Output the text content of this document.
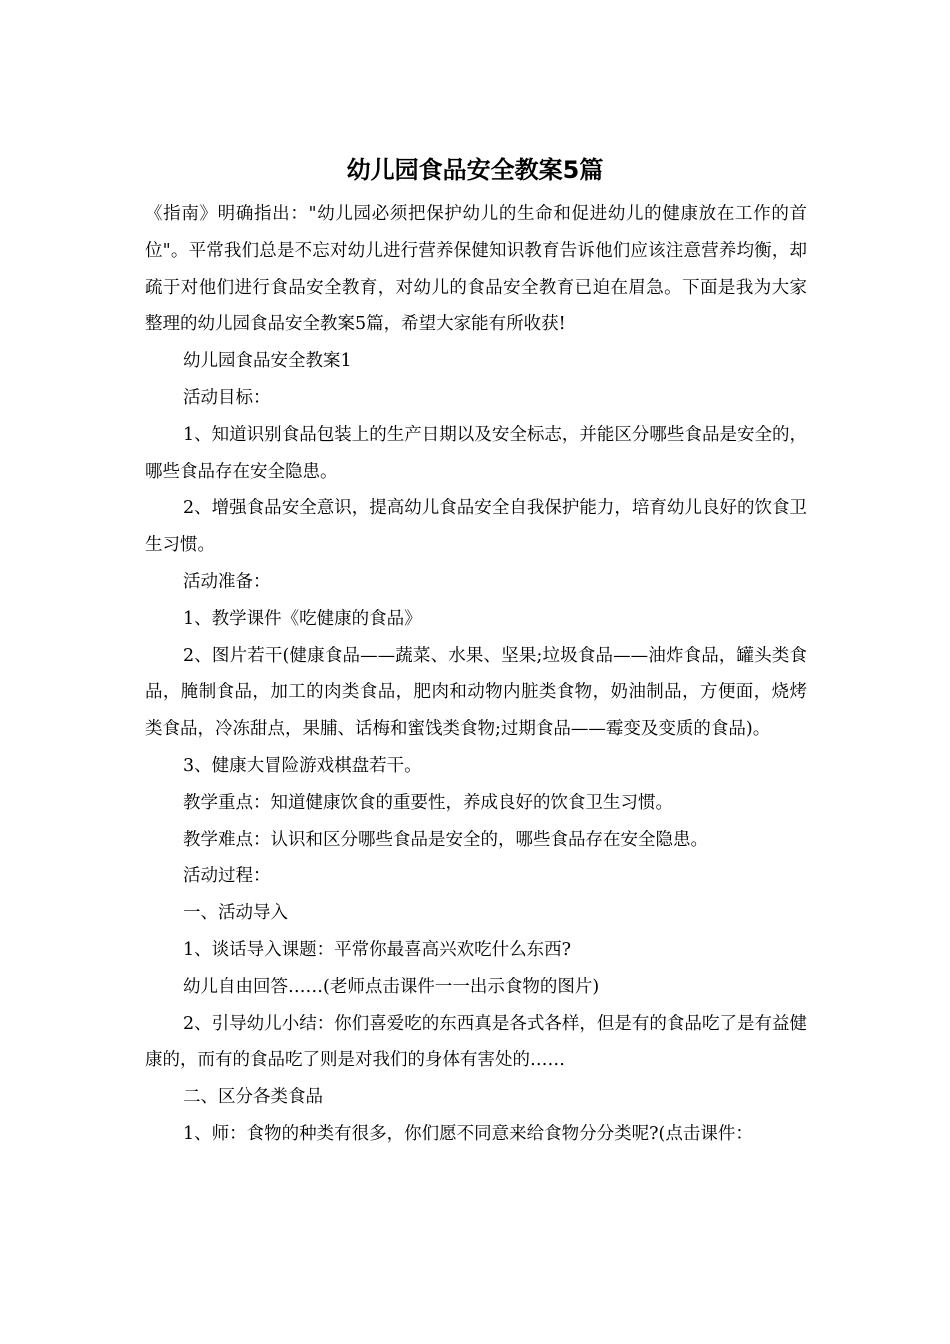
幼儿园食品安全教案5篇

《指南》明确指出："幼儿园必须把保护幼儿的生命和促进幼儿的健康放在工作的首位"。平常我们总是不忘对幼儿进行营养保健知识教育告诉他们应该注意营养均衡，却疏于对他们进行食品安全教育，对幼儿的食品安全教育已迫在眉急。下面是我为大家整理的幼儿园食品安全教案5篇，希望大家能有所收获!

幼儿园食品安全教案1

活动目标：

1、知道识别食品包装上的生产日期以及安全标志，并能区分哪些食品是安全的，哪些食品存在安全隐患。

2、增强食品安全意识，提高幼儿食品安全自我保护能力，培育幼儿良好的饮食卫生习惯。

活动准备：

1、教学课件《吃健康的食品》

2、图片若干(健康食品——蔬菜、水果、坚果;垃圾食品——油炸食品，罐头类食品，腌制食品，加工的肉类食品，肥肉和动物内脏类食物，奶油制品，方便面，烧烤类食品，冷冻甜点，果脯、话梅和蜜饯类食物;过期食品——霉变及变质的食品)。

3、健康大冒险游戏棋盘若干。

教学重点：知道健康饮食的重要性，养成良好的饮食卫生习惯。

教学难点：认识和区分哪些食品是安全的，哪些食品存在安全隐患。

活动过程：

一、活动导入

1、谈话导入课题：平常你最喜高兴欢吃什么东西?

幼儿自由回答……(老师点击课件一一出示食物的图片)

2、引导幼儿小结：你们喜爱吃的东西真是各式各样，但是有的食品吃了是有益健康的，而有的食品吃了则是对我们的身体有害处的……

二、区分各类食品

1、师：食物的种类有很多，你们愿不同意来给食物分分类呢?(点击课件：
